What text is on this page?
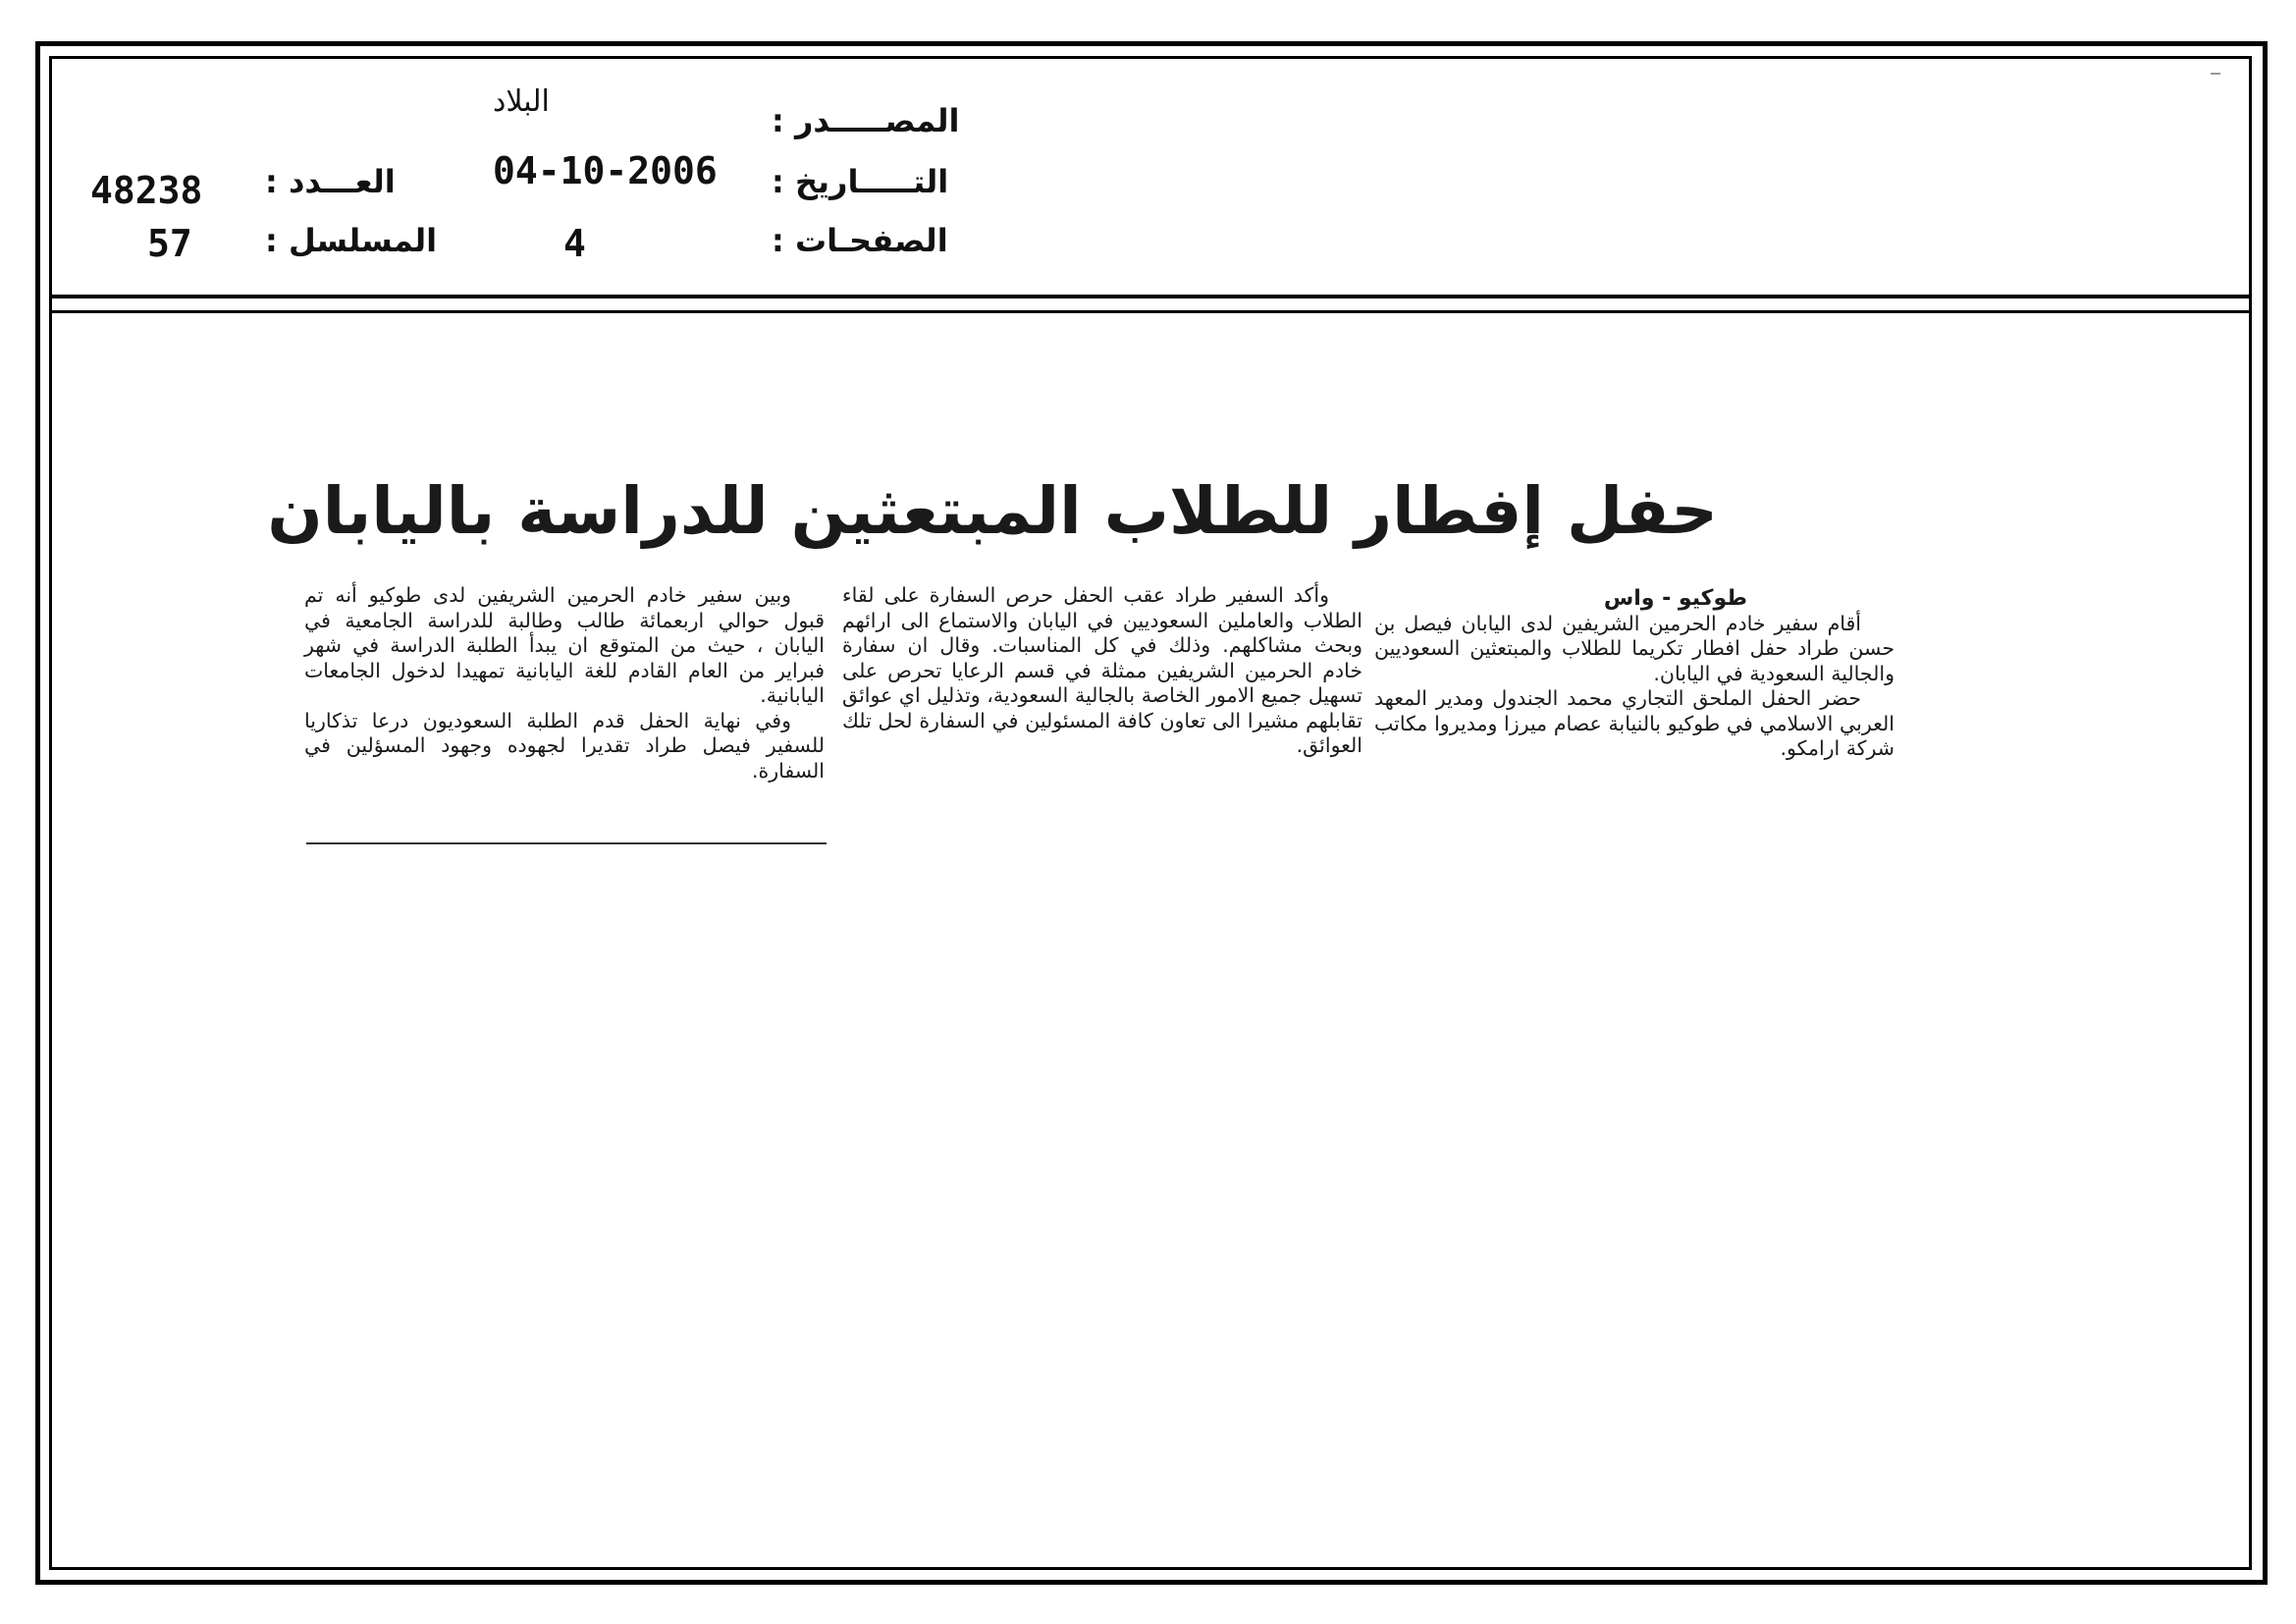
المصـــــدر :
البلاد
التـــــاريخ :
04-10-2006
الصفحـات :
4
العـــدد :
48238
المسلسل :
57
حفل إفطار للطلاب المبتعثين للدراسة باليابان

طوكيو - واس

أقام سفير خادم الحرمين الشريفين لدى اليابان فيصل بن حسن طراد حفل افطار تكريما للطلاب والمبتعثين السعوديين والجالية السعودية في اليابان.

حضر الحفل الملحق التجاري محمد الجندول ومدير المعهد العربي الاسلامي في طوكيو بالنيابة عصام ميرزا ومديروا مكاتب شركة ارامكو.

وأكد السفير طراد عقب الحفل حرص السفارة على لقاء الطلاب والعاملين السعوديين في اليابان والاستماع الى ارائهم وبحث مشاكلهم. وذلك في كل المناسبات. وقال ان سفارة خادم الحرمين الشريفين ممثلة في قسم الرعايا تحرص على تسهيل جميع الامور الخاصة بالجالية السعودية، وتذليل اي عوائق تقابلهم مشيرا الى تعاون كافة المسئولين في السفارة لحل تلك العوائق.

وبين سفير خادم الحرمين الشريفين لدى طوكيو أنه تم قبول حوالي اربعمائة طالب وطالبة للدراسة الجامعية في اليابان ، حيث من المتوقع ان يبدأ الطلبة الدراسة في شهر فبراير من العام القادم للغة اليابانية تمهيدا لدخول الجامعات اليابانية.

وفي نهاية الحفل قدم الطلبة السعوديون درعا تذكاريا للسفير فيصل طراد تقديرا لجهوده وجهود المسؤلين في السفارة.
